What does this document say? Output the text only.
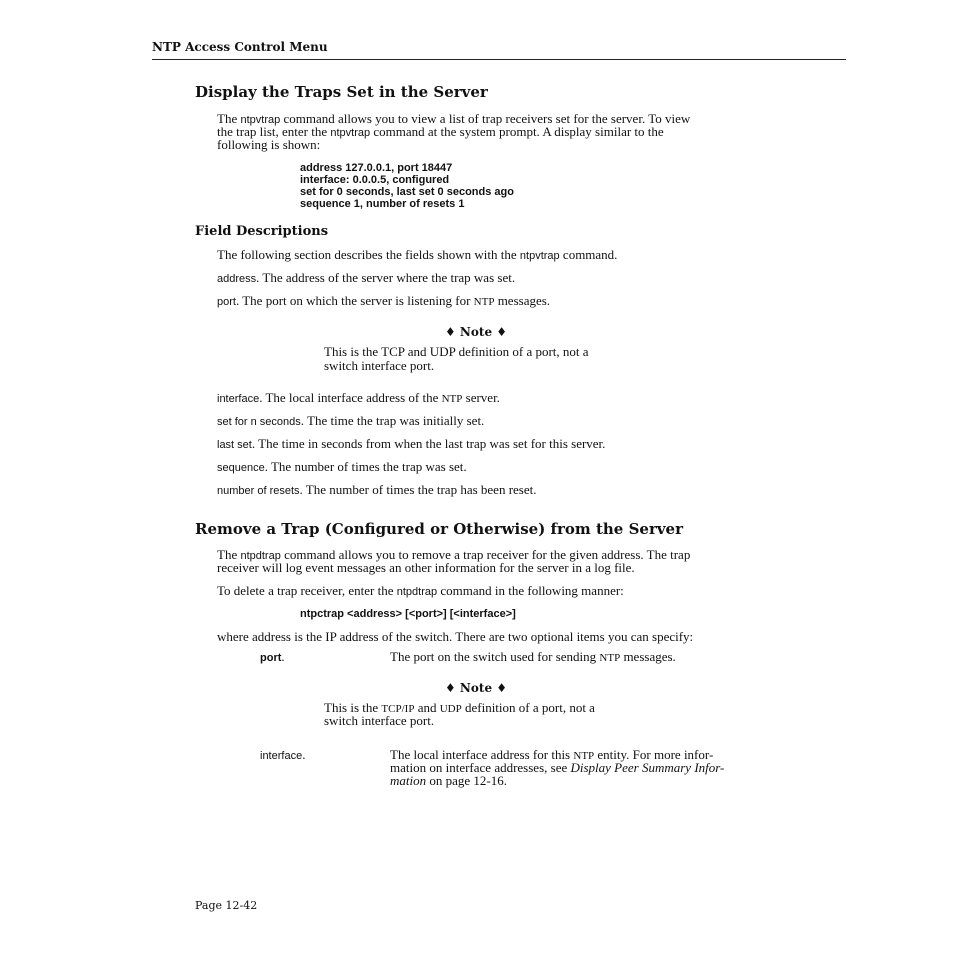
NTP Access Control Menu
Display the Traps Set in the Server
The ntpvtrap command allows you to view a list of trap receivers set for the server. To view
the trap list, enter the ntpvtrap command at the system prompt. A display similar to the
following is shown:
address 127.0.0.1, port 18447
interface: 0.0.0.5, configured
set for 0 seconds, last set 0 seconds ago
sequence 1, number of resets 1
Field Descriptions
The following section describes the fields shown with the ntpvtrap command.
address. The address of the server where the trap was set.
port. The port on which the server is listening for NTP messages.
♦ Note ♦
This is the TCP and UDP definition of a port, not a
switch interface port.
interface. The local interface address of the NTP server.
set for n seconds. The time the trap was initially set.
last set. The time in seconds from when the last trap was set for this server.
sequence. The number of times the trap was set.
number of resets. The number of times the trap has been reset.
Remove a Trap (Configured or Otherwise) from the Server
The ntpdtrap command allows you to remove a trap receiver for the given address. The trap
receiver will log event messages an other information for the server in a log file.
To delete a trap receiver, enter the ntpdtrap command in the following manner:
ntpctrap <address> [<port>] [<interface>]
where address is the IP address of the switch. There are two optional items you can specify:
port.	The port on the switch used for sending NTP messages.
♦ Note ♦
This is the TCP/IP and UDP definition of a port, not a
switch interface port.
interface.	The local interface address for this NTP entity. For more infor-
mation on interface addresses, see Display Peer Summary Infor-
mation on page 12-16.
Page 12-42
